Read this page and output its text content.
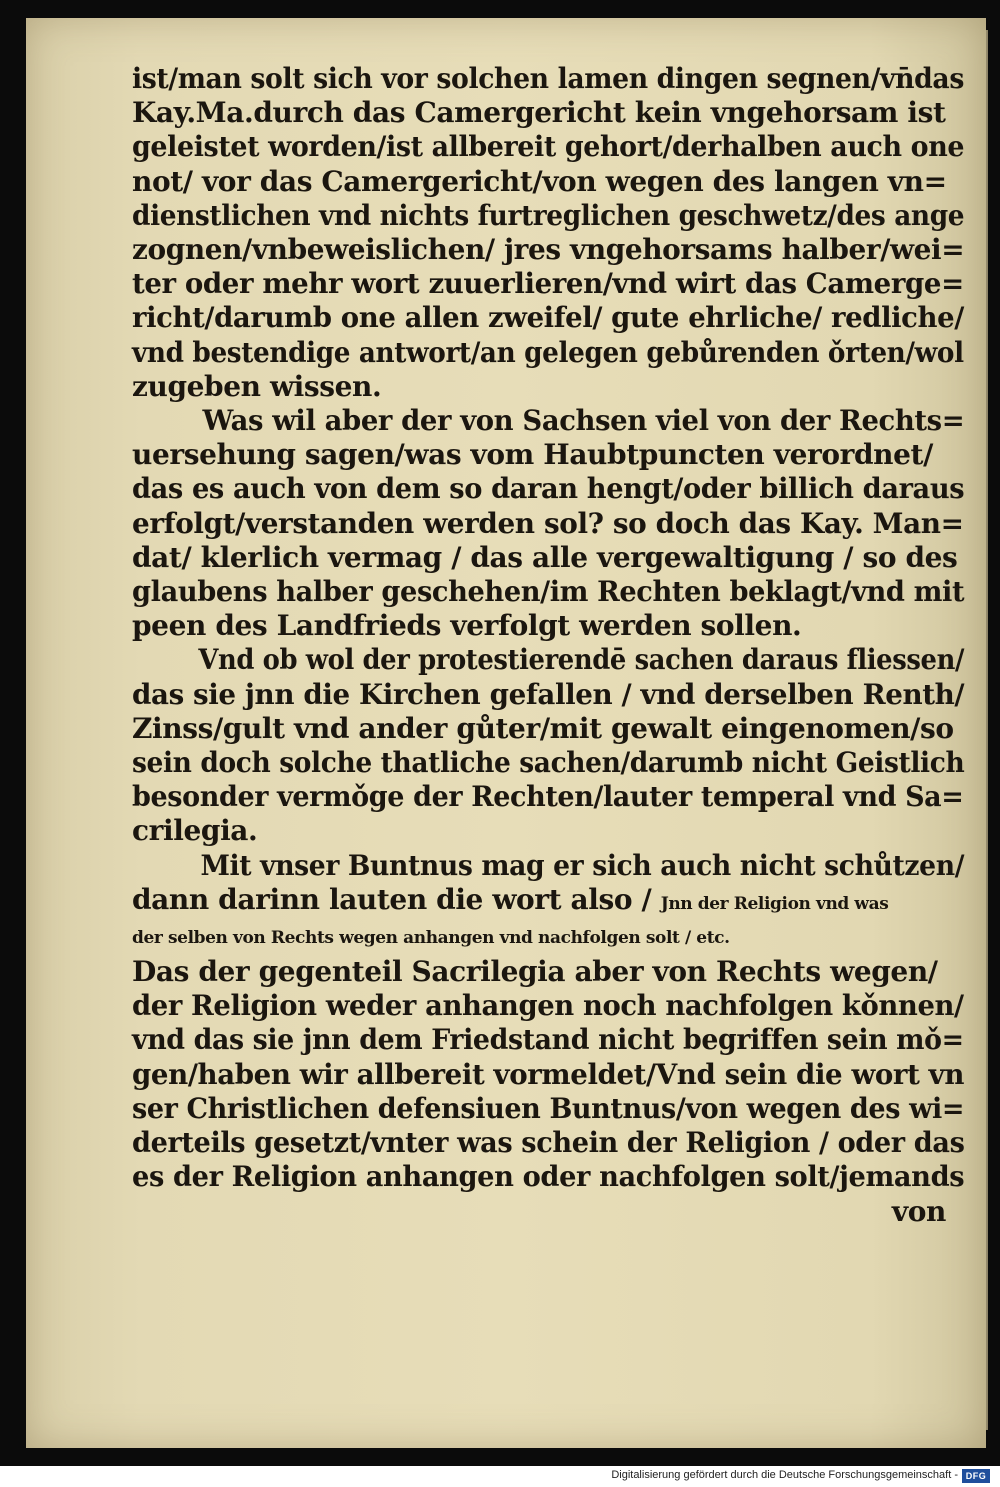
ist/man solt sich vor solchen lamen dingen segnen/vn̄das
Kay.Ma.durch das Camergericht kein vngehorsam ist
geleistet worden/ist allbereit gehort/derhalben auch one
not/ vor das Camergericht/von wegen des langen vn=
dienstlichen vnd nichts furtreglichen geschwetz/des ange
zognen/vnbeweislichen/ jres vngehorsams halber/wei=
ter oder mehr wort zuuerlieren/vnd wirt das Camerge=
richt/darumb one allen zweifel/ gute ehrliche/ redliche/
vnd bestendige antwort/an gelegen gebůrenden ǒrten/wol
zugeben wissen.
Was wil aber der von Sachsen viel von der Rechts=
uersehung sagen/was vom Haubtpuncten verordnet/
das es auch von dem so daran hengt/oder billich daraus
erfolgt/verstanden werden sol? so doch das Kay. Man=
dat/ klerlich vermag / das alle vergewaltigung / so des
glaubens halber geschehen/im Rechten beklagt/vnd mit
peen des Landfrieds verfolgt werden sollen.
Vnd ob wol der protestierendē sachen daraus fliessen/
das sie jnn die Kirchen gefallen / vnd derselben Renth/
Zinss/gult vnd ander gůter/mit gewalt eingenomen/so
sein doch solche thatliche sachen/darumb nicht Geistlich
besonder vermǒge der Rechten/lauter temperal vnd Sa=
crilegia.
Mit vnser Buntnus mag er sich auch nicht schůtzen/
dann darinn lauten die wort also / Jnn der Religion vnd was
der selben von Rechts wegen anhangen vnd nachfolgen solt / etc.
Das der gegenteil Sacrilegia aber von Rechts wegen/
der Religion weder anhangen noch nachfolgen kǒnnen/
vnd das sie jnn dem Friedstand nicht begriffen sein mǒ=
gen/haben wir allbereit vormeldet/Vnd sein die wort vn
ser Christlichen defensiuen Buntnus/von wegen des wi=
derteils gesetzt/vnter was schein der Religion / oder das
es der Religion anhangen oder nachfolgen solt/jemands
von
Digitalisierung gefördert durch die Deutsche Forschungsgemeinschaft - DFG
